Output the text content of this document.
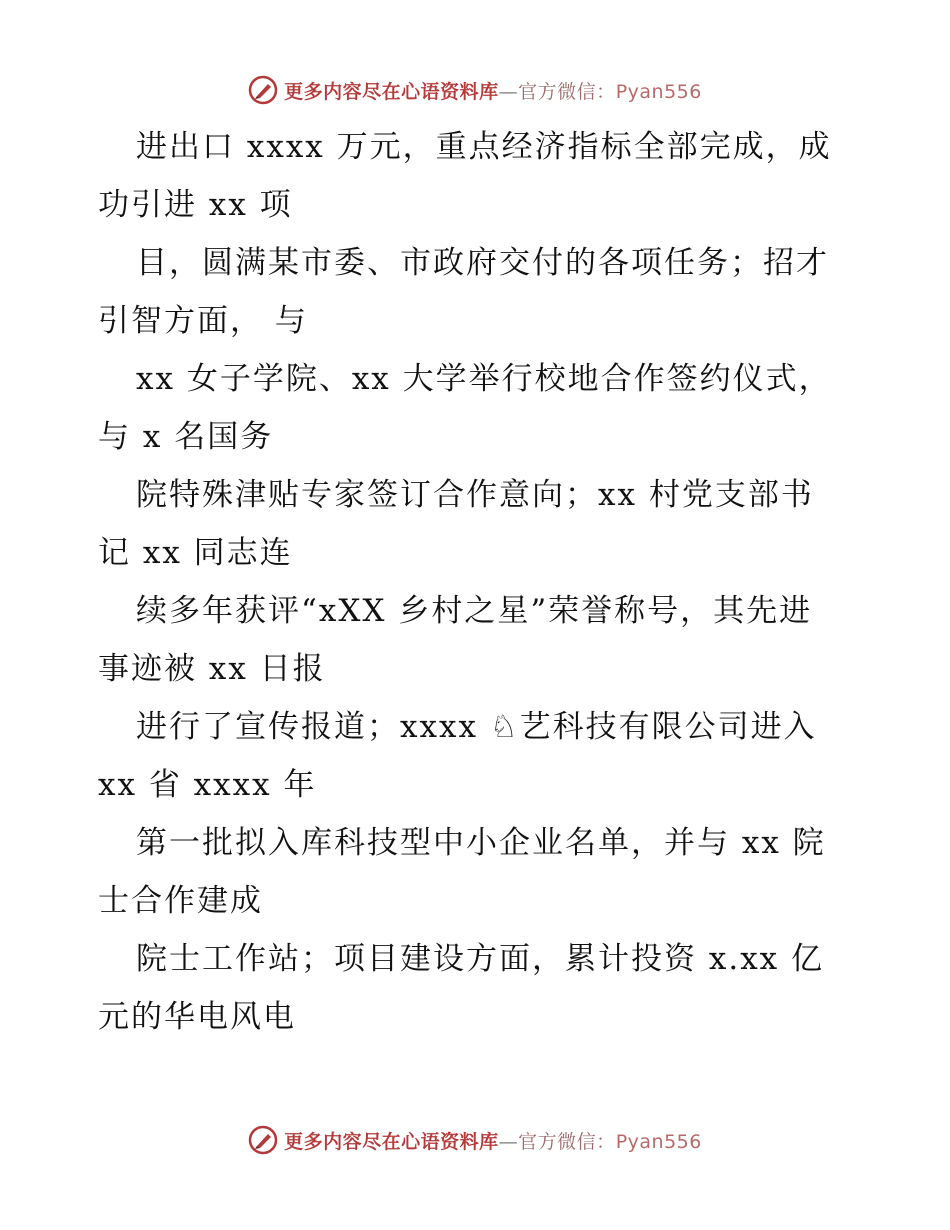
更多内容尽在心语资料库—官方微信：Pyan556

进出口 xxxx 万元，重点经济指标全部完成，成

功引进 xx 项

目，圆满某市委、市政府交付的各项任务；招才

引智方面， 与

xx 女子学院、xx 大学举行校地合作签约仪式，

与 x 名国务

院特殊津贴专家签订合作意向；xx 村党支部书

记 xx 同志连

续多年获评“xXX 乡村之星”荣誉称号，其先进

事迹被 xx 日报

进行了宣传报道；xxxx ♘艺科技有限公司进入

xx 省 xxxx 年

第一批拟入库科技型中小企业名单，并与 xx 院

士合作建成

院士工作站；项目建设方面，累计投资 x.xx 亿

元的华电风电

更多内容尽在心语资料库—官方微信：Pyan556
